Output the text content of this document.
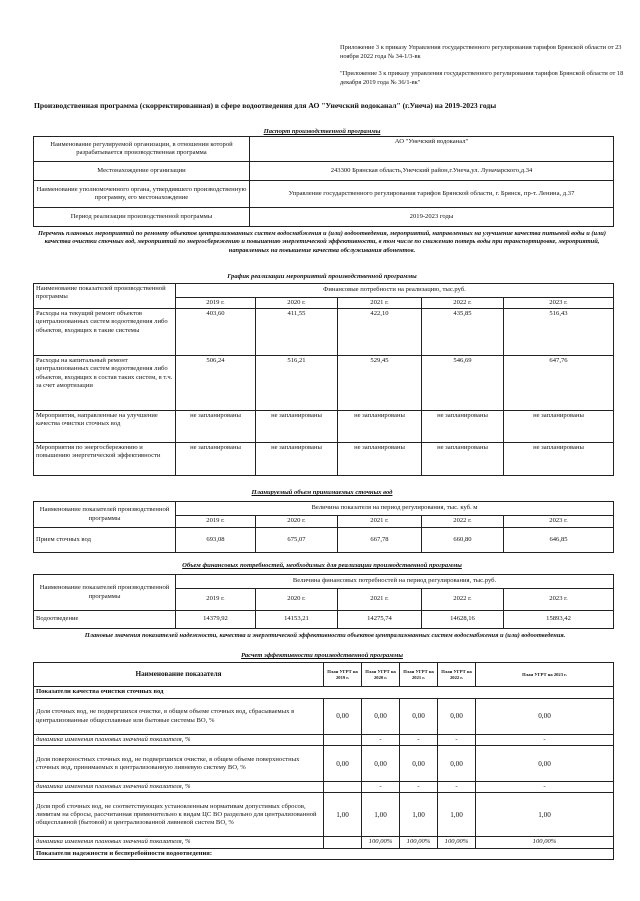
Приложение 3 к приказу Управления государственного регулирования тарифов Брянской области от 23 ноября 2022 года № 34-1/3-вк
"Приложение 3 к приказу управления государственного регулирования тарифов Брянской области от 18 декабря 2019 года № 36/1-вк"
Производственная программа (скорректированная) в сфере водоотведения для АО "Унечский водоканал" (г.Унеча) на 2019-2023 годы
Паспорт производственной программы
Наименование регулируемой организации, в отношении которой разрабатывается производственная программа	АО "Унечский водоканал"
Местонахождение организации	243300 Брянская область,Унечский район,г.Унеча,ул. Луначарского,д.34
Наименование уполномоченного органа, утвердившего производственную программу, его местонахождение	Управление государственного регулирования тарифов Брянской области, г. Брянск, пр-т. Ленина, д.37
Период реализации производственной программы	2019-2023 годы
Перечень плановых мероприятий по ремонту объектов централизованных систем водоснабжения и (или) водоотведения, мероприятий, направленных на улучшение качества питьевой воды и (или) качества очистки сточных вод, мероприятий по энергосбережению и повышению энергетической эффективности, в том числе по снижению потерь воды при транспортировке, мероприятий, направленных на повышение качества обслуживания абонентов.
График реализации мероприятий производственной программы
Наименование показателей производственной программы	Финансовые потребности на реализацию, тыс.руб.				
	2019 г.	2020 г.	2021 г.	2022 г.	2023 г.
Расходы на текущий ремонт объектов централизованных систем водоотведения либо объектов, входящих в такие системы	403,60	411,55	422,10	435,85	516,43
Расходы на капитальный ремонт централизованных систем водоотведения либо объектов, входящих в состав таких систем, в т.ч. за счет амортизации	506,24	516,21	529,45	546,69	647,76
Мероприятия, направленные на улучшение качества очистки сточных вод	не запланированы	не запланированы	не запланированы	не запланированы	не запланированы
Мероприятия по энергосбережению и повышению энергетической эффективности	не запланированы	не запланированы	не запланированы	не запланированы	не запланированы
Планируемый объем принимаемых сточных вод
Наименование показателей производственной программы	Величина показателя на период регулирования, тыс. куб. м				
	2019 г.	2020 г.	2021 г.	2022 г.	2023 г.
Прием сточных вод	693,08	675,07	667,78	660,80	646,85
Объем финансовых потребностей, необходимых для реализации производственной программы
Наименование показателей производственной программы	Величина финансовых потребностей на период регулирования, тыс.руб.				
	2019 г.	2020 г.	2021 г.	2022 г.	2023 г.
Водоотведение	14379,92	14153,21	14275,74	14628,16	15893,42
Плановые значения показателей надежности, качества и энергетической эффективности объектов централизованных систем водоснабжения и (или) водоотведения.
Расчет эффективности производственной программы
Наименование показателя	План УГРТ на 2019 г.	План УГРТ на 2020 г.	План УГРТ на 2021 г.	План УГРТ на 2022 г.	План УГРТ на 2023 г.
Показатели качества очистки сточных вод					
Доля сточных вод, не подвергшихся очистке, в общем объеме сточных вод, сбрасываемых в централизованные общесплавные или бытовые системы ВО, %	0,00	0,00	0,00	0,00	0,00
динамика изменения плановых значений показателя, %		-	-	-	-
Доля поверхностных сточных вод, не подвергшихся очистке, в общем объеме поверхностных сточных вод, принимаемых в централизованную ливневую систему ВО, %	0,00	0,00	0,00	0,00	0,00
динамика изменения плановых значений показателя, %		-	-	-	-
Доля проб сточных вод, не соответствующих установленным нормативам допустимых сбросов, лимитам на сбросы, рассчитанная применительно к видам ЦС ВО раздельно для централизованной общесплавной (бытовой) и централизованной ливневой систем ВО, %	1,00	1,00	1,00	1,00	1,00
динамика изменения плановых значений показателя, %		100,00%	100,00%	100,00%	100,00%
Показатели надежности и бесперебойности водоотведения:					
